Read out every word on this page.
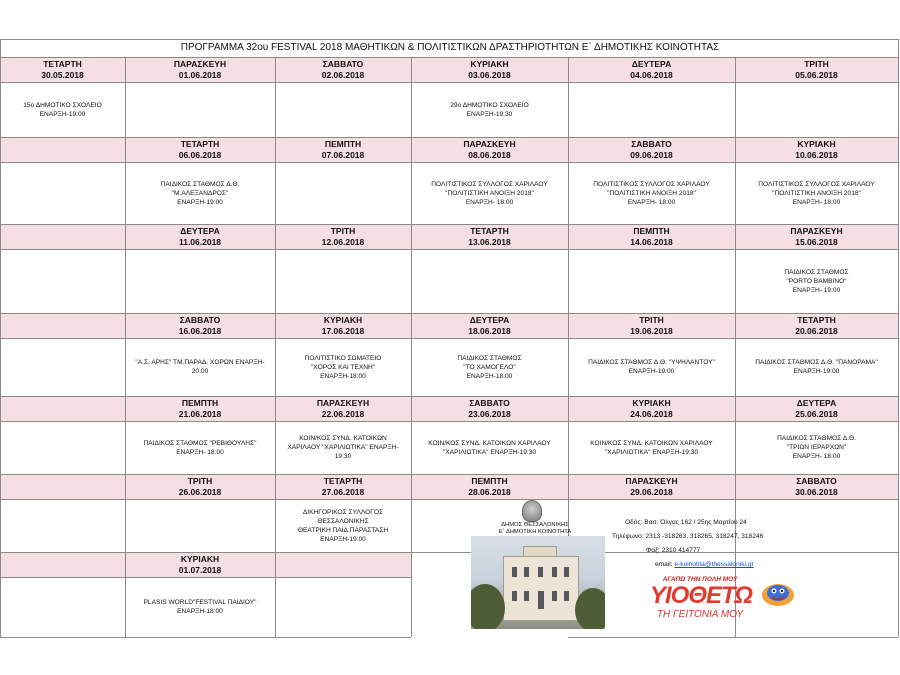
ΠΡΟΓΡΑΜΜΑ 32ου FESTIVAL 2018 ΜΑΘΗΤΙΚΩΝ & ΠΟΛΙΤΙΣΤΙΚΩΝ ΔΡΑΣΤΗΡΙΟΤΗΤΩΝ Ε΄ ΔΗΜΟΤΙΚΗΣ ΚΟΙΝΟΤΗΤΑΣ
ΤΕΤΑΡΤΗ
30.05.2018
15ο ΔΗΜΟΤΙΚΟ ΣΧΟΛΕΙΟ
ΕΝΑΡΞΗ-19:00
ΠΑΡΑΣΚΕΥΗ
01.06.2018
ΣΑΒΒΑΤΟ
02.06.2018
ΚΥΡΙΑΚΗ
03.06.2018
29ο ΔΗΜΟΤΙΚΟ ΣΧΟΛΕΙΟ
ΕΝΑΡΞΗ-19:30
ΔΕΥΤΕΡΑ
04.06.2018
ΤΡΙΤΗ
05.06.2018
ΤΕΤΑΡΤΗ
06.06.2018
ΠΑΙΔΙΚΟΣ ΣΤΑΘΜΟΣ Δ.Θ.
"Μ.ΑΛΕΞΑΝΔΡΟΣ"
ΕΝΑΡΞΗ-19:00
ΠΕΜΠΤΗ
07.06.2018
ΠΑΡΑΣΚΕΥΗ
08.06.2018
ΠΟΛΙΤΙΣΤΙΚΟΣ ΣΥΛΛΟΓΟΣ ΧΑΡΙΛΑΟΥ
"ΠΟΛΙΤΙΣΤΙΚΗ ΑΝΟΙΞΗ 2018"
ΕΝΑΡΞΗ- 18:00
ΣΑΒΒΑΤΟ
09.06.2018
ΠΟΛΙΤΙΣΤΙΚΟΣ ΣΥΛΛΟΓΟΣ ΧΑΡΙΛΑΟΥ
"ΠΟΛΙΤΙΣΤΙΚΗ ΑΝΟΙΞΗ 2018"
ΕΝΑΡΞΗ- 18:00
ΚΥΡΙΑΚΗ
10.06.2018
ΠΟΛΙΤΙΣΤΙΚΟΣ ΣΥΛΛΟΓΟΣ ΧΑΡΙΛΑΟΥ
"ΠΟΛΙΤΙΣΤΙΚΗ ΑΝΟΙΞΗ 2018"
ΕΝΑΡΞΗ- 18:00
ΔΕΥΤΕΡΑ
11.06.2018
ΤΡΙΤΗ
12.06.2018
ΤΕΤΑΡΤΗ
13.06.2018
ΠΕΜΠΤΗ
14.06.2018
ΠΑΡΑΣΚΕΥΗ
15.06.2018
ΠΑΙΔΙΚΟΣ ΣΤΑΘΜΟΣ
"PORTO BAMBINO"
ΕΝΑΡΞΗ- 19:00
ΣΑΒΒΑΤΟ
16.06.2018
"Α.Σ. ΑΡΗΣ" ΤΜ.ΠΑΡΑΔ. ΧΟΡΩΝ ΕΝΑΡΞΗ-
20:00
ΚΥΡΙΑΚΗ
17.06.2018
ΠΟΛΙΤΙΣΤΙΚΟ ΣΩΜΑΤΕΙΟ
"ΧΟΡΟΣ ΚΑΙ ΤΕΧΝΗ"
ΕΝΑΡΞΗ-18:00
ΔΕΥΤΕΡΑ
18.06.2018
ΠΑΙΔΙΚΟΣ ΣΤΑΘΜΟΣ
"ΤΟ ΧΑΜΟΓΕΛΟ"
ΕΝΑΡΞΗ-18:00
ΤΡΙΤΗ
19.06.2018
ΠΑΙΔΙΚΟΣ ΣΤΑΘΜΟΣ Δ.Θ. "ΥΨΗΛΑΝΤΟΥ"
ΕΝΑΡΞΗ-19:00
ΤΕΤΑΡΤΗ
20.06.2018
ΠΑΙΔΙΚΟΣ ΣΤΑΘΜΟΣ Δ.Θ. "ΠΑΝΟΡΑΜΑ"
ΕΝΑΡΞΗ-19:00
ΠΕΜΠΤΗ
21.06.2018
ΠΑΙΔΙΚΟΣ ΣΤΑΘΜΟΣ "ΡΕΒΙΘΟΥΛΗΣ"
ΕΝΑΡΞΗ- 18:00
ΠΑΡΑΣΚΕΥΗ
22.06.2018
ΚΟΙΝ/ΚΟΣ ΣΥΝΔ. ΚΑΤΟΙΚΩΝ
ΧΑΡΙΛΑΟΥ "ΧΑΡΙΛΙΩΤΙΚΑ" ΕΝΑΡΞΗ-
19:30
ΣΑΒΒΑΤΟ
23.06.2018
ΚΟΙΝ/ΚΟΣ ΣΥΝΔ. ΚΑΤΟΙΚΩΝ ΧΑΡΙΛΑΟΥ
"ΧΑΡΙΛΙΩΤΙΚΑ" ΕΝΑΡΞΗ-19:30
ΚΥΡΙΑΚΗ
24.06.2018
ΚΟΙΝ/ΚΟΣ ΣΥΝΔ. ΚΑΤΟΙΚΩΝ ΧΑΡΙΛΑΟΥ
"ΧΑΡΙΛΙΩΤΙΚΑ" ΕΝΑΡΞΗ-19:30
ΔΕΥΤΕΡΑ
25.06.2018
ΠΑΙΔΙΚΟΣ ΣΤΑΘΜΟΣ Δ.Θ.
"ΤΡΙΩΝ ΙΕΡΑΡΧΩΝ"
ΕΝΑΡΞΗ- 18:00
ΤΡΙΤΗ
26.06.2018
ΤΕΤΑΡΤΗ
27.06.2018
ΔΙΚΗΓΟΡΙΚΟΣ ΣΥΛΛΟΓΟΣ
ΘΕΣΣΑΛΟΝΙΚΗΣ
ΘΕΑΤΡΙΚΗ ΠΑΙΔ.ΠΑΡΑΣΤΑΣΗ
ΕΝΑΡΞΗ-19:00
ΠΕΜΠΤΗ
28.06.2018
ΠΑΡΑΣΚΕΥΗ
29.06.2018
ΣΑΒΒΑΤΟ
30.06.2018
ΚΥΡΙΑΚΗ
01.07.2018
PLASIS WORLD"FESTIVAL ΠΑΙΔΙΟΥ"
ΕΝΑΡΞΗ-18:00
ΔΗΜΟΣ ΘΕΣΣΑΛΟΝΙΚΗΣ
Ε΄ ΔΗΜΟΤΙΚΗ ΚΟΙΝΟΤΗΤΑ
Οδός: Βασ. Όλγας 162 / 25ης Μαρτίου 24
Τηλέφωνο: 2313 -318263, 318265, 318247, 318246
Φαξ: 2310 414777
email: e-koinotita@thessaloniki.gr
ΑΓΑΠΩ ΤΗΝ ΠΟΛΗ ΜΟΥ
ΥΙΟΘΕΤΩ
ΤΗ ΓΕΙΤΟΝΙΑ ΜΟΥ
